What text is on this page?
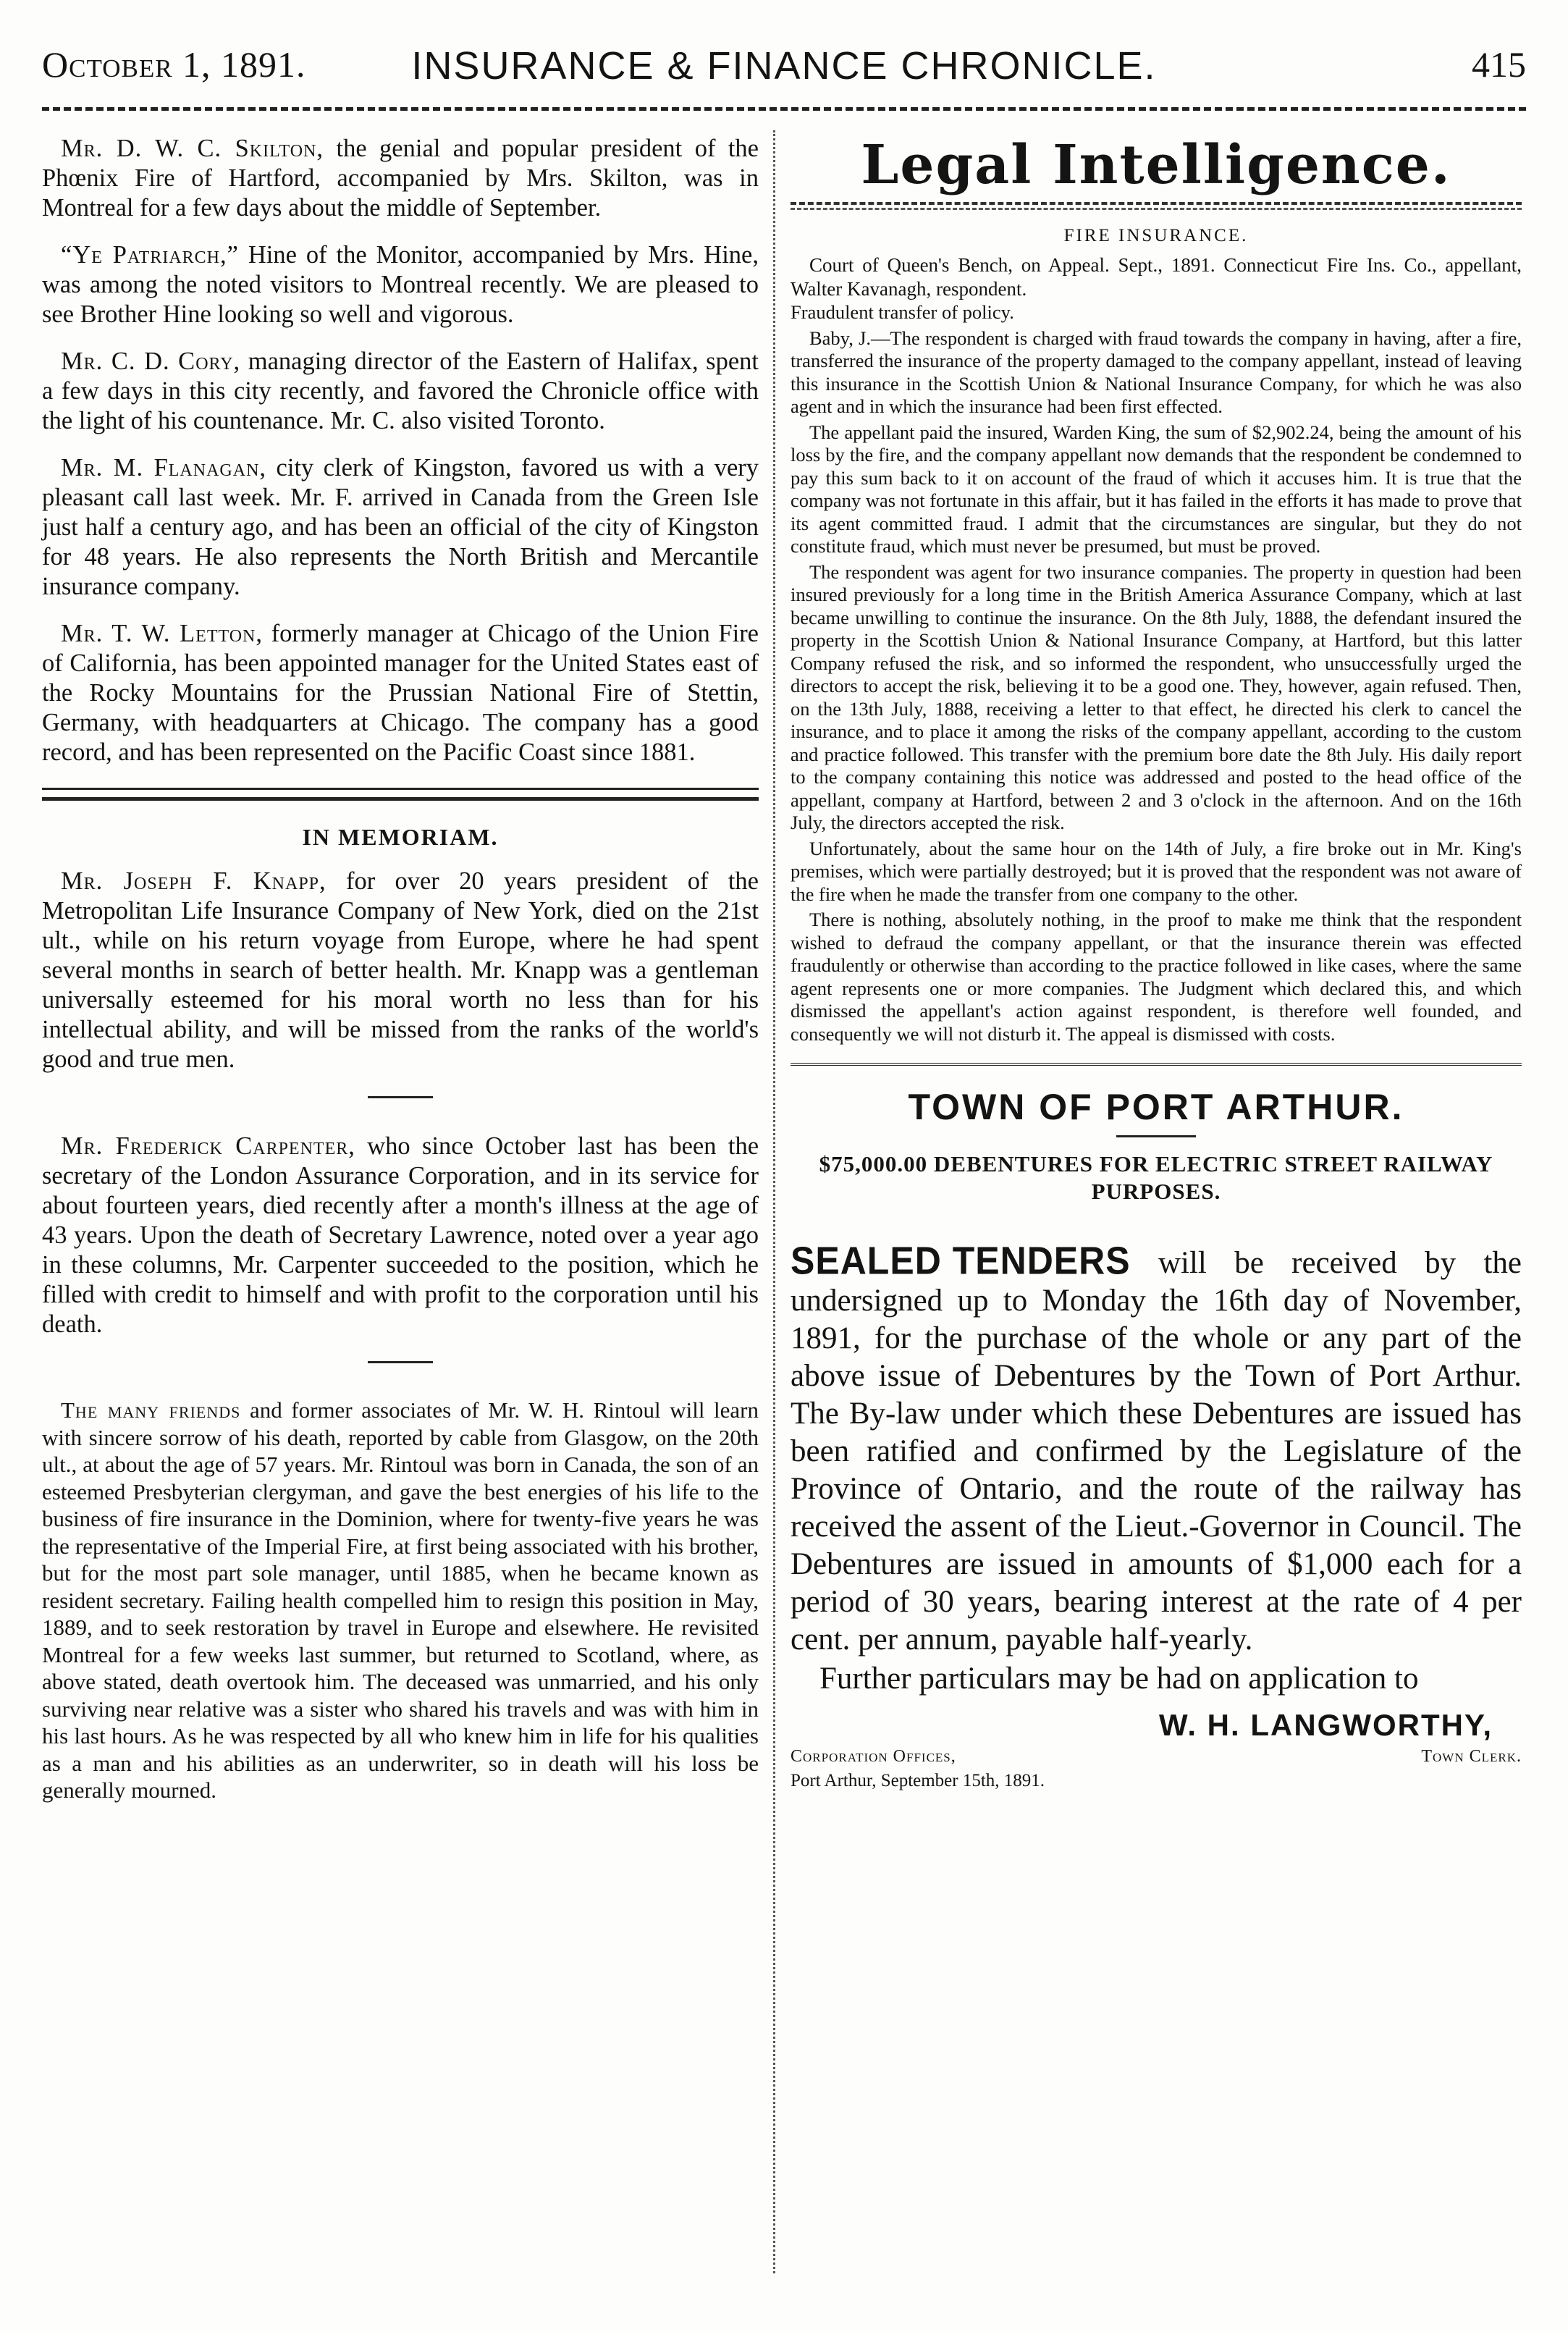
October 1, 1891.	INSURANCE & FINANCE CHRONICLE.	415

Mr. D. W. C. Skilton, the genial and popular president of the Phœnix Fire of Hartford, accompanied by Mrs. Skilton, was in Montreal for a few days about the middle of September.

“Ye Patriarch,” Hine of the Monitor, accompanied by Mrs. Hine, was among the noted visitors to Montreal recently. We are pleased to see Brother Hine looking so well and vigorous.

Mr. C. D. Cory, managing director of the Eastern of Halifax, spent a few days in this city recently, and favored the Chronicle office with the light of his countenance. Mr. C. also visited Toronto.

Mr. M. Flanagan, city clerk of Kingston, favored us with a very pleasant call last week. Mr. F. arrived in Canada from the Green Isle just half a century ago, and has been an official of the city of Kingston for 48 years. He also represents the North British and Mercantile insurance company.

Mr. T. W. Letton, formerly manager at Chicago of the Union Fire of California, has been appointed manager for the United States east of the Rocky Mountains for the Prussian National Fire of Stettin, Germany, with headquarters at Chicago. The company has a good record, and has been represented on the Pacific Coast since 1881.

IN MEMORIAM.

Mr. Joseph F. Knapp, for over 20 years president of the Metropolitan Life Insurance Company of New York, died on the 21st ult., while on his return voyage from Europe, where he had spent several months in search of better health. Mr. Knapp was a gentleman universally esteemed for his moral worth no less than for his intellectual ability, and will be missed from the ranks of the world's good and true men.

Mr. Frederick Carpenter, who since October last has been the secretary of the London Assurance Corporation, and in its service for about fourteen years, died recently after a month's illness at the age of 43 years. Upon the death of Secretary Lawrence, noted over a year ago in these columns, Mr. Carpenter succeeded to the position, which he filled with credit to himself and with profit to the corporation until his death.

The many friends and former associates of Mr. W. H. Rintoul will learn with sincere sorrow of his death, reported by cable from Glasgow, on the 20th ult., at about the age of 57 years. Mr. Rintoul was born in Canada, the son of an esteemed Presbyterian clergyman, and gave the best energies of his life to the business of fire insurance in the Dominion, where for twenty-five years he was the representative of the Imperial Fire, at first being associated with his brother, but for the most part sole manager, until 1885, when he became known as resident secretary. Failing health compelled him to resign this position in May, 1889, and to seek restoration by travel in Europe and elsewhere. He revisited Montreal for a few weeks last summer, but returned to Scotland, where, as above stated, death overtook him. The deceased was unmarried, and his only surviving near relative was a sister who shared his travels and was with him in his last hours. As he was respected by all who knew him in life for his qualities as a man and his abilities as an underwriter, so in death will his loss be generally mourned.

Legal Intelligence.
FIRE INSURANCE.

Court of Queen's Bench, on Appeal. Sept., 1891. Connecticut Fire Ins. Co., appellant, Walter Kavanagh, respondent.

Fraudulent transfer of policy.

Baby, J.—The respondent is charged with fraud towards the company in having, after a fire, transferred the insurance of the property damaged to the company appellant, instead of leaving this insurance in the Scottish Union & National Insurance Company, for which he was also agent and in which the insurance had been first effected.

The appellant paid the insured, Warden King, the sum of $2,902.24, being the amount of his loss by the fire, and the company appellant now demands that the respondent be condemned to pay this sum back to it on account of the fraud of which it accuses him. It is true that the company was not fortunate in this affair, but it has failed in the efforts it has made to prove that its agent committed fraud. I admit that the circumstances are singular, but they do not constitute fraud, which must never be presumed, but must be proved.

The respondent was agent for two insurance companies. The property in question had been insured previously for a long time in the British America Assurance Company, which at last became unwilling to continue the insurance. On the 8th July, 1888, the defendant insured the property in the Scottish Union & National Insurance Company, at Hartford, but this latter Company refused the risk, and so informed the respondent, who unsuccessfully urged the directors to accept the risk, believing it to be a good one. They, however, again refused. Then, on the 13th July, 1888, receiving a letter to that effect, he directed his clerk to cancel the insurance, and to place it among the risks of the company appellant, according to the custom and practice followed. This transfer with the premium bore date the 8th July. His daily report to the company containing this notice was addressed and posted to the head office of the appellant, company at Hartford, between 2 and 3 o'clock in the afternoon. And on the 16th July, the directors accepted the risk.

Unfortunately, about the same hour on the 14th of July, a fire broke out in Mr. King's premises, which were partially destroyed; but it is proved that the respondent was not aware of the fire when he made the transfer from one company to the other.

There is nothing, absolutely nothing, in the proof to make me think that the respondent wished to defraud the company appellant, or that the insurance therein was effected fraudulently or otherwise than according to the practice followed in like cases, where the same agent represents one or more companies. The Judgment which declared this, and which dismissed the appellant's action against respondent, is therefore well founded, and consequently we will not disturb it. The appeal is dismissed with costs.

TOWN OF PORT ARTHUR.
$75,000.00 DEBENTURES FOR ELECTRIC STREET RAILWAY PURPOSES.

SEALED TENDERS will be received by the undersigned up to Monday the 16th day of November, 1891, for the purchase of the whole or any part of the above issue of Debentures by the Town of Port Arthur. The By-law under which these Debentures are issued has been ratified and confirmed by the Legislature of the Province of Ontario, and the route of the railway has received the assent of the Lieut.-Governor in Council. The Debentures are issued in amounts of $1,000 each for a period of 30 years, bearing interest at the rate of 4 per cent. per annum, payable half-yearly.

Further particulars may be had on application to

W. H. LANGWORTHY,
Corporation Offices,	Town Clerk.
Port Arthur, September 15th, 1891.
